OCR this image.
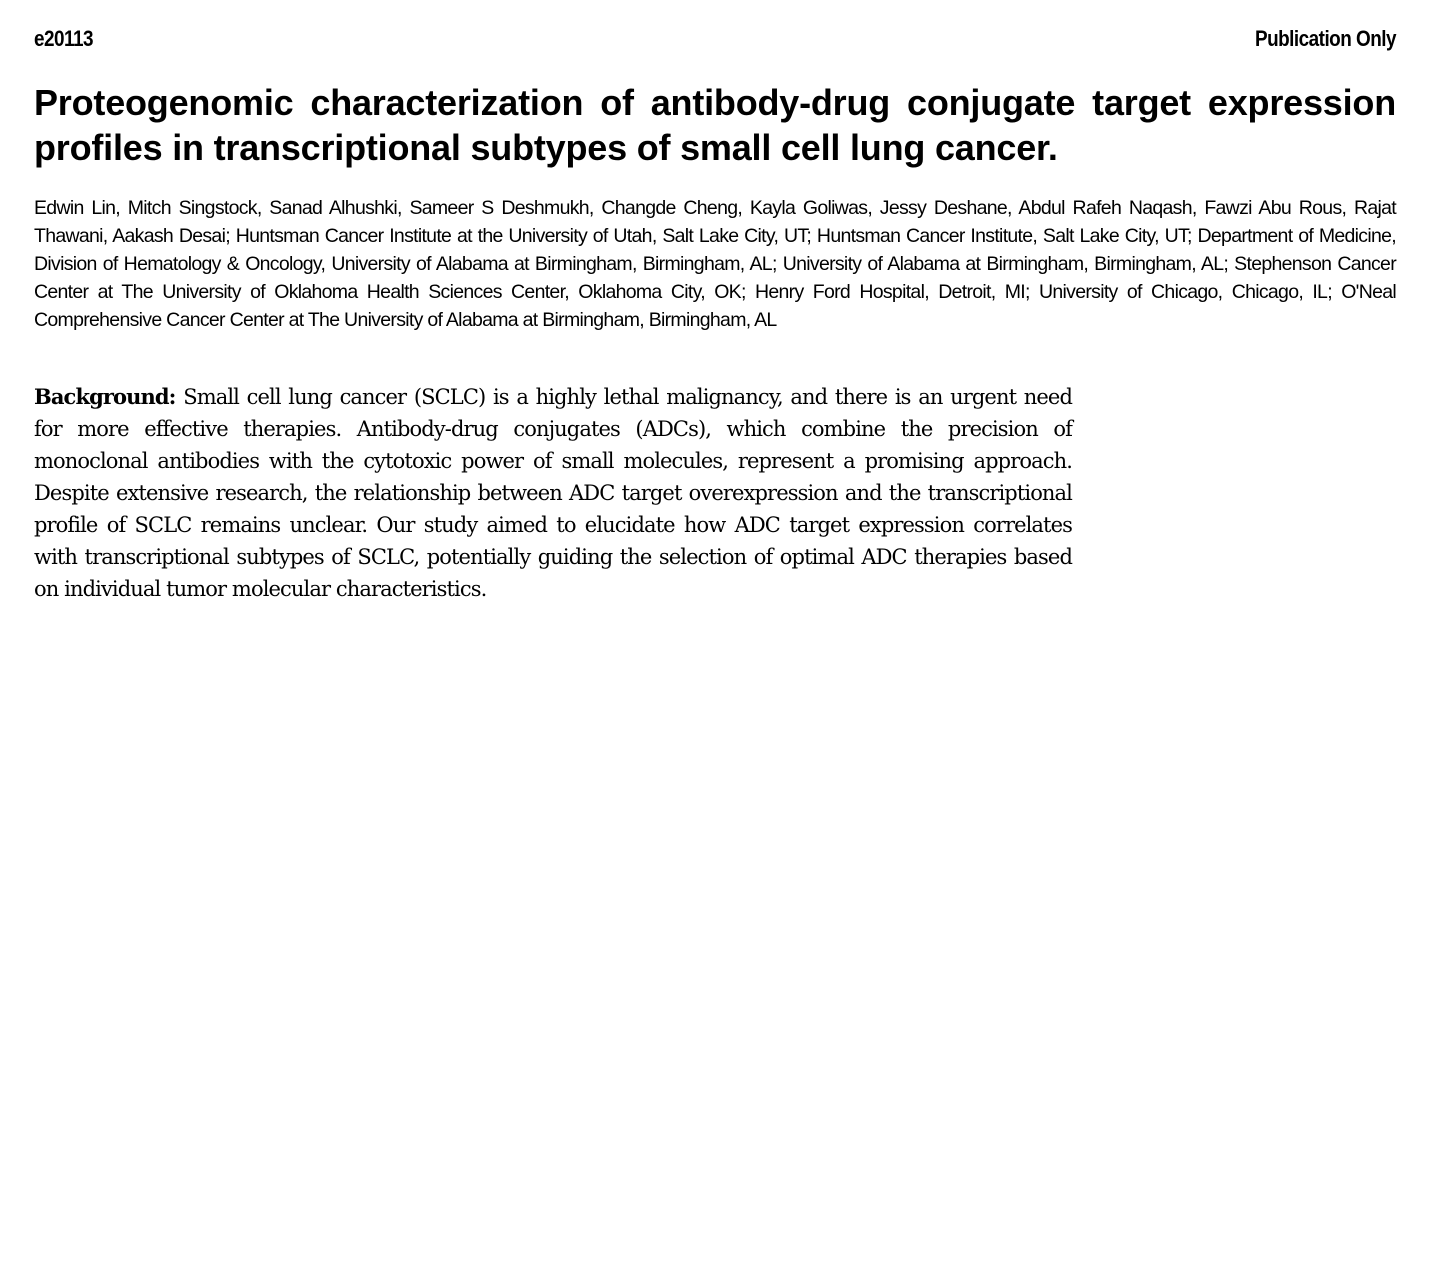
e20113	Publication Only
Proteogenomic characterization of antibody-drug conjugate target expression profiles in transcriptional subtypes of small cell lung cancer.

Edwin Lin, Mitch Singstock, Sanad Alhushki, Sameer S Deshmukh, Changde Cheng, Kayla Goliwas, Jessy Deshane, Abdul Rafeh Naqash, Fawzi Abu Rous, Rajat Thawani, Aakash Desai; Huntsman Cancer Institute at the University of Utah, Salt Lake City, UT; Huntsman Cancer Institute, Salt Lake City, UT; Department of Medicine, Division of Hematology & Oncology, University of Alabama at Birmingham, Birmingham, AL; University of Alabama at Birmingham, Birmingham, AL; Stephenson Cancer Center at The University of Oklahoma Health Sciences Center, Oklahoma City, OK; Henry Ford Hospital, Detroit, MI; University of Chicago, Chicago, IL; O'Neal Comprehensive Cancer Center at The University of Alabama at Birmingham, Birmingham, AL

Background: Small cell lung cancer (SCLC) is a highly lethal malignancy, and there is an urgent need for more effective therapies. Antibody-drug conjugates (ADCs), which combine the precision of monoclonal antibodies with the cytotoxic power of small molecules, represent a promising approach. Despite extensive research, the relationship between ADC target overexpression and the transcriptional profile of SCLC remains unclear. Our study aimed to elucidate how ADC target expression correlates with transcriptional subtypes of SCLC, potentially guiding the selection of optimal ADC therapies based on individual tumor molecular characteristics.
